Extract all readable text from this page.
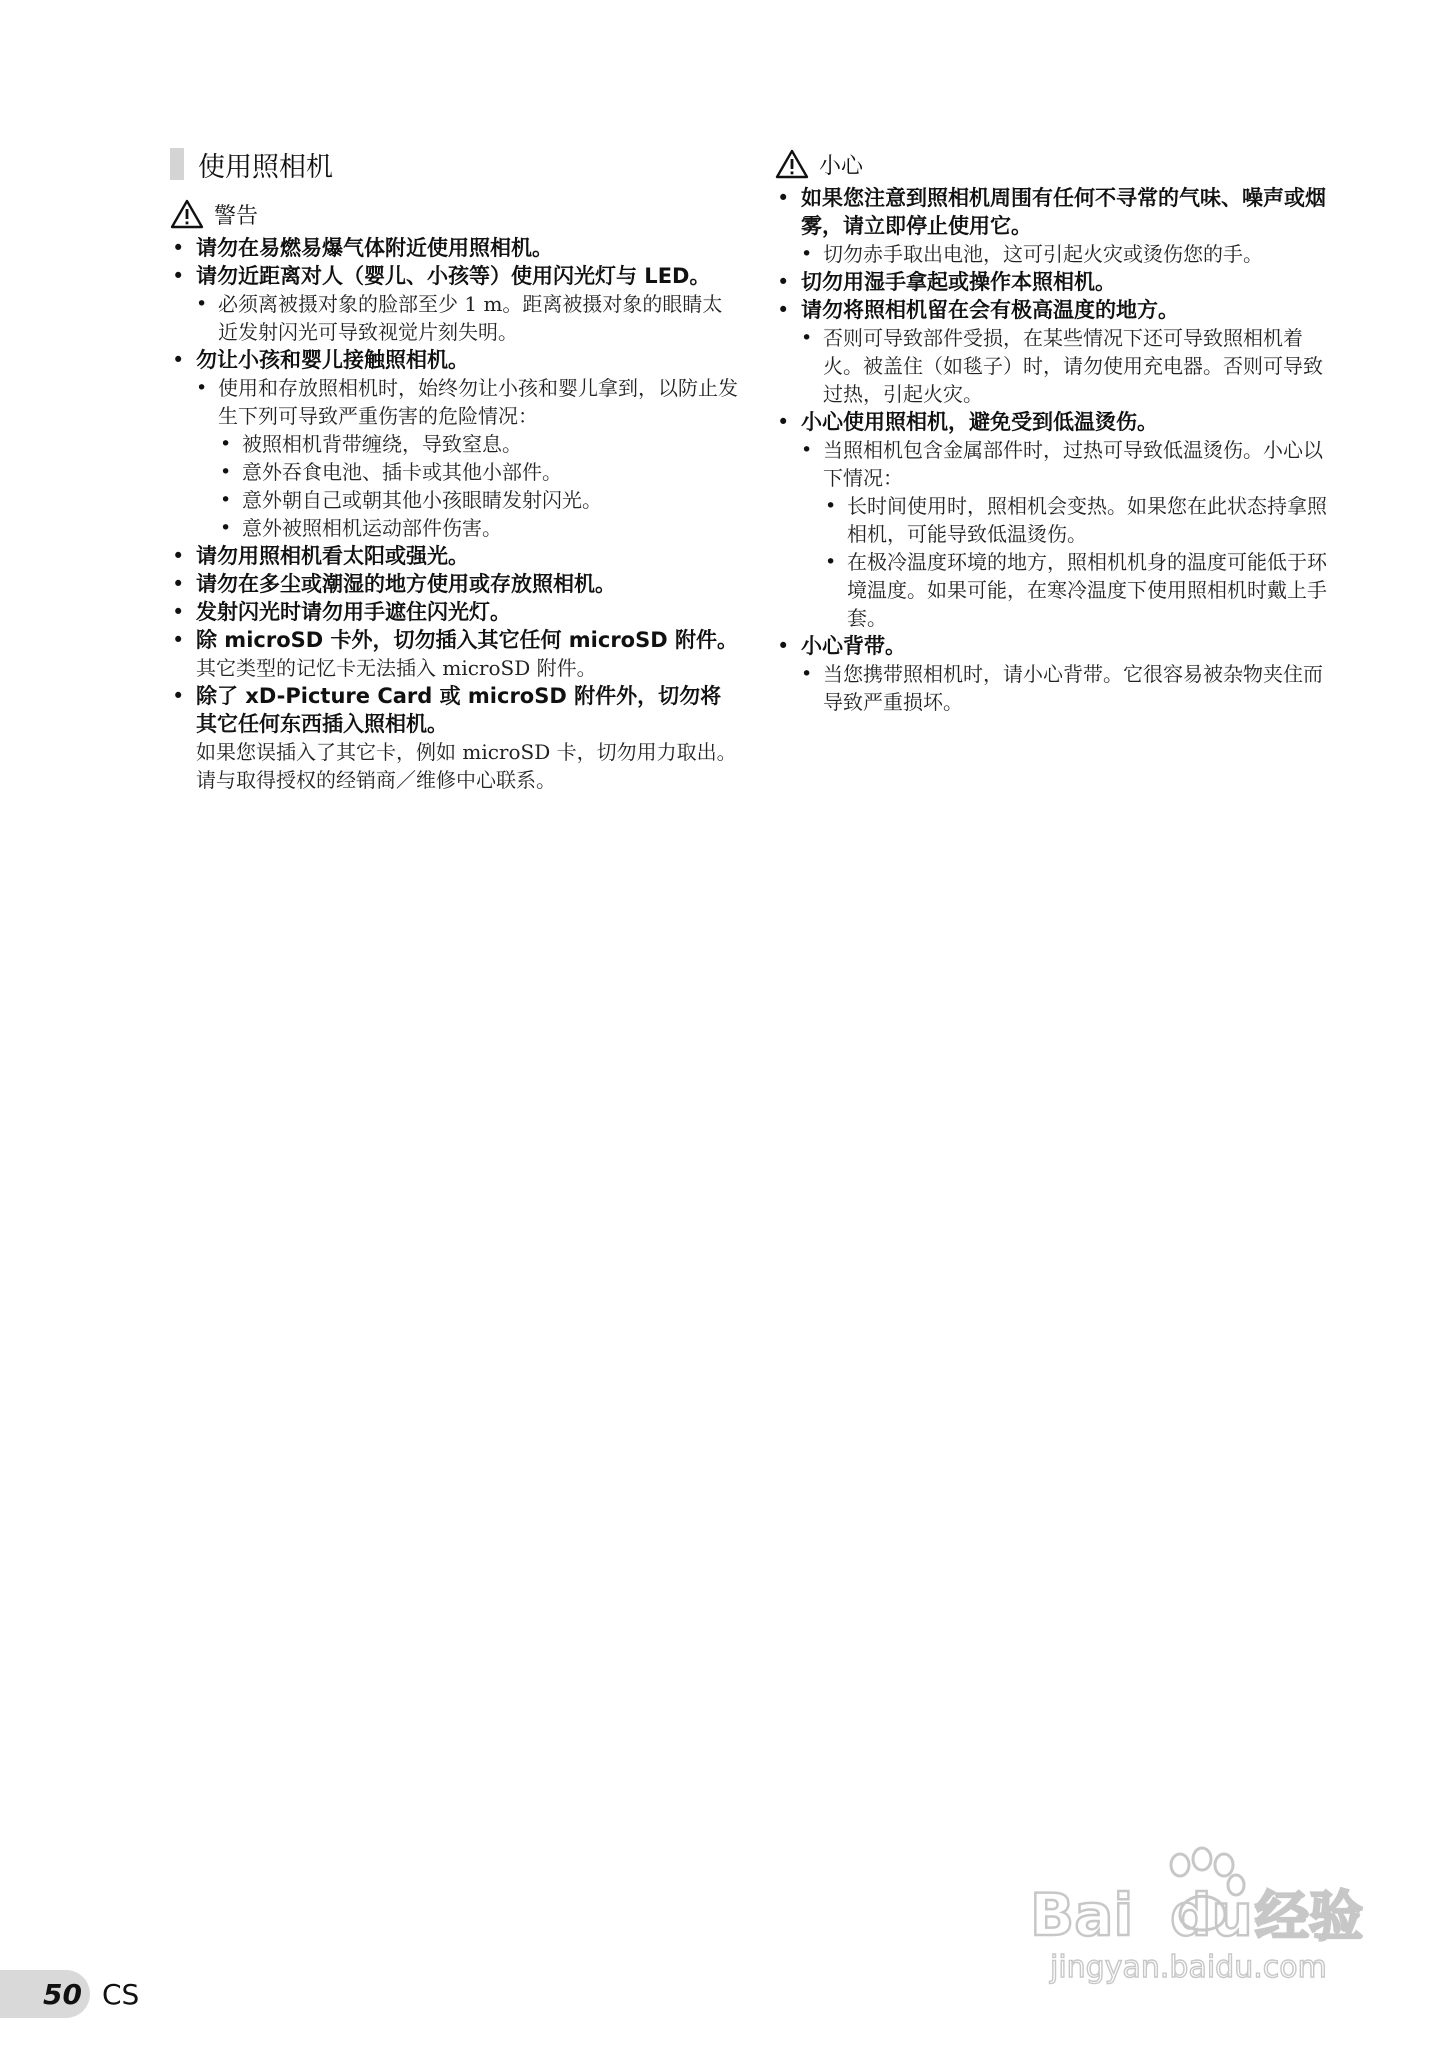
使用照相机
警告
• 请勿在易燃易爆气体附近使用照相机。
• 请勿近距离对人（婴儿、小孩等）使用闪光灯与 LED。
• 必须离被摄对象的脸部至少 1 m。距离被摄对象的眼睛太近发射闪光可导致视觉片刻失明。
• 勿让小孩和婴儿接触照相机。
• 使用和存放照相机时，始终勿让小孩和婴儿拿到，以防止发生下列可导致严重伤害的危险情况：
• 被照相机背带缠绕，导致窒息。
• 意外吞食电池、插卡或其他小部件。
• 意外朝自己或朝其他小孩眼睛发射闪光。
• 意外被照相机运动部件伤害。
• 请勿用照相机看太阳或强光。
• 请勿在多尘或潮湿的地方使用或存放照相机。
• 发射闪光时请勿用手遮住闪光灯。
• 除 microSD 卡外，切勿插入其它任何 microSD 附件。
其它类型的记忆卡无法插入 microSD 附件。
• 除了 xD-Picture Card 或 microSD 附件外，切勿将其它任何东西插入照相机。
如果您误插入了其它卡，例如 microSD 卡，切勿用力取出。请与取得授权的经销商／维修中心联系。
小心
• 如果您注意到照相机周围有任何不寻常的气味、噪声或烟雾，请立即停止使用它。
• 切勿赤手取出电池，这可引起火灾或烫伤您的手。
• 切勿用湿手拿起或操作本照相机。
• 请勿将照相机留在会有极高温度的地方。
• 否则可导致部件受损，在某些情况下还可导致照相机着火。被盖住（如毯子）时，请勿使用充电器。否则可导致过热，引起火灾。
• 小心使用照相机，避免受到低温烫伤。
• 当照相机包含金属部件时，过热可导致低温烫伤。小心以下情况：
• 长时间使用时，照相机会变热。如果您在此状态持拿照相机，可能导致低温烫伤。
• 在极冷温度环境的地方，照相机机身的温度可能低于环境温度。如果可能，在寒冷温度下使用照相机时戴上手套。
• 小心背带。
• 当您携带照相机时，请小心背带。它很容易被杂物夹住而导致严重损坏。
50 CS
Bai du 经验
jingyan.baidu.com
